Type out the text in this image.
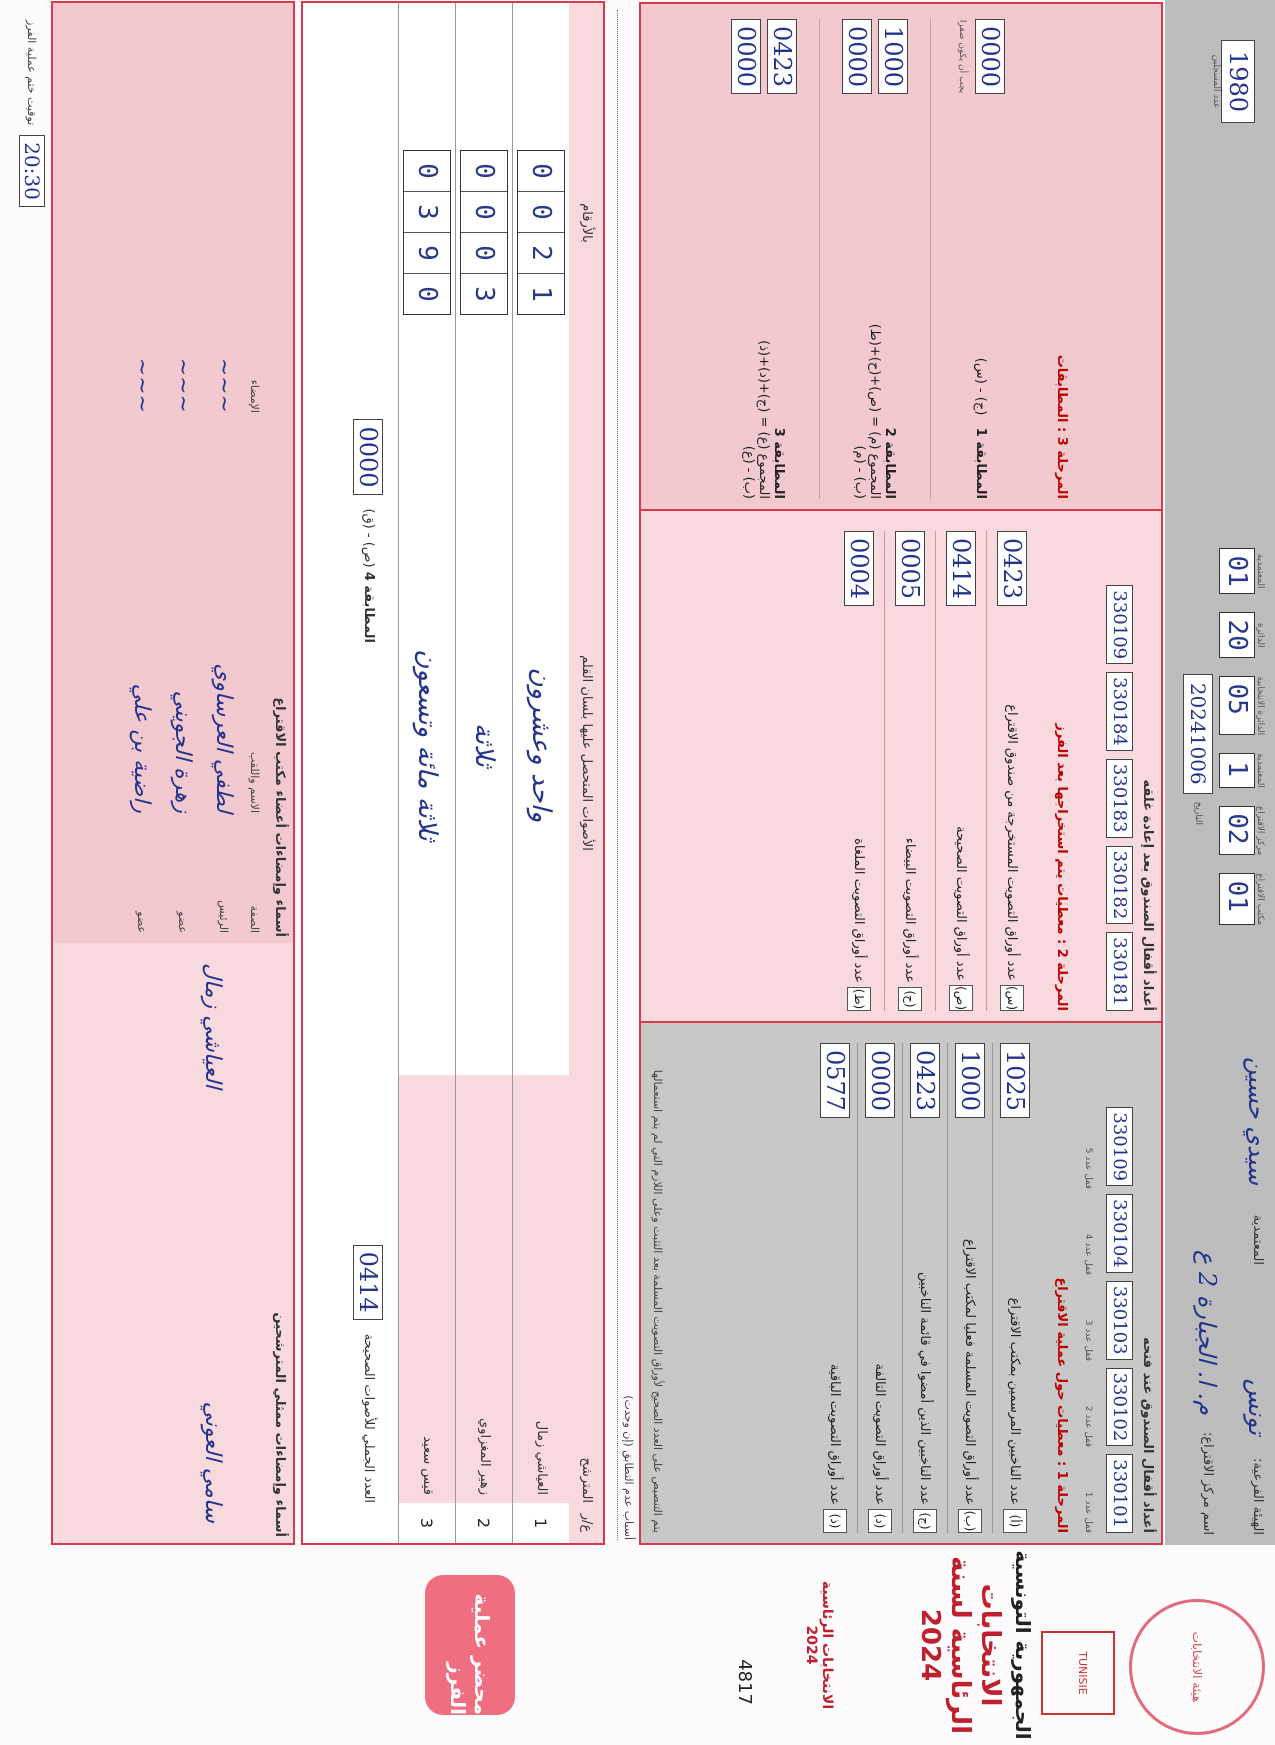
هيئة الانتخابات
TUNISIE
الجمهورية التونسية
الانتخابات الرئاسية لسنة 2024
الانتخابات الرئاسية 2024
4817
محضر عملية الفرز
الهيئة الفرعية:
تونس
المعتمدية
سيدي حسين
اسم مركز الاقتراع:
م. ا. الجبارة 2 ع
مكتب الاقتراع
01
مركز الاقتراع
02
المعتمدية
1
الدائرة الانتخابية
05
الدائرة
20
المعتمدية
01
التاريخ
20241006
1980
عدد المسجلين
أعداد أقفال الصندوق عند فتحه
330101
330102
330103
330104
330109
قفل عدد 1
قفل عدد 2
قفل عدد 3
قفل عدد 4
قفل عدد 5
المرحلة 1 : معطيات حول عملية الاقتراع
(أ)عدد الناخبين المرسمين بمكتب الاقتراع
1025
(ب)عدد أوراق التصويت المسلمة فعليا لمكتب الاقتراع
1000
(ج)عدد الناخبين الذين أمضوا في قائمة الناخبين
0423
(د)عدد أوراق التصويت التالفة
0000
(ذ)عدد أوراق التصويت الباقية
0577
يتم التنصيص على العدد الصحيح لأوراق التصويت المسلمة بعد التثبت وعلى اللازم التي لم يتم استعمالها
أعداد أقفال الصندوق بعد إعادة غلقه
330181
330182
330183
330184
330109
المرحلة 2 : معطيات يتم استخراجها بعد الفرز
(س)عدد أوراق التصويت المستخرجة من صندوق الاقتراع
0423
(ص)عدد أوراق التصويت الصحيحة
0414
(ح)عدد أوراق التصويت البيضاء
0005
(ط)عدد أوراق التصويت الملغاة
0004
المرحلة 3 : المطابقات
المطابقة 1   (ج) - (س)
0000
يجب أن يكون صفرا
المطابقة 2
المجموع (م) = (ص)+(ح)+(ط)
(ب) - (م)
1000
0000
المطابقة 3
المجموع (ع) = (ج)+(د)+(ذ)
(ب) - (ع)
0423
0000
أسباب عدم التطابق (إن وجدت)
ع/ر
المترشح
الأصوات المتحصل عليها بلسان القلم
بالأرقام
1
العياشي زمال
واحد وعشرون
0
0
2
1
2
زهير المغزاوي
ثلاثة
0
0
0
3
3
قيس سعيد
ثلاثة مائة وتسعون
0
3
9
0
العدد الجملي للأصوات الصحيحة
0414
المطابقة 4 (ص) - (ق)
0000
أسماء وإمضاءات ممثلي المترشحين
سامي العوني
العياشي زمال
أسماء وإمضاءات أعضاء مكتب الاقتراع
الصفة
الاسم واللقب
الإمضاء
الرئيس
لطفي العرساوي
~~~
عضو
زهرة الجويني
~~~
عضو
راضية بن علي
~~~
20:30
توقيت ختم عملية الفرز
